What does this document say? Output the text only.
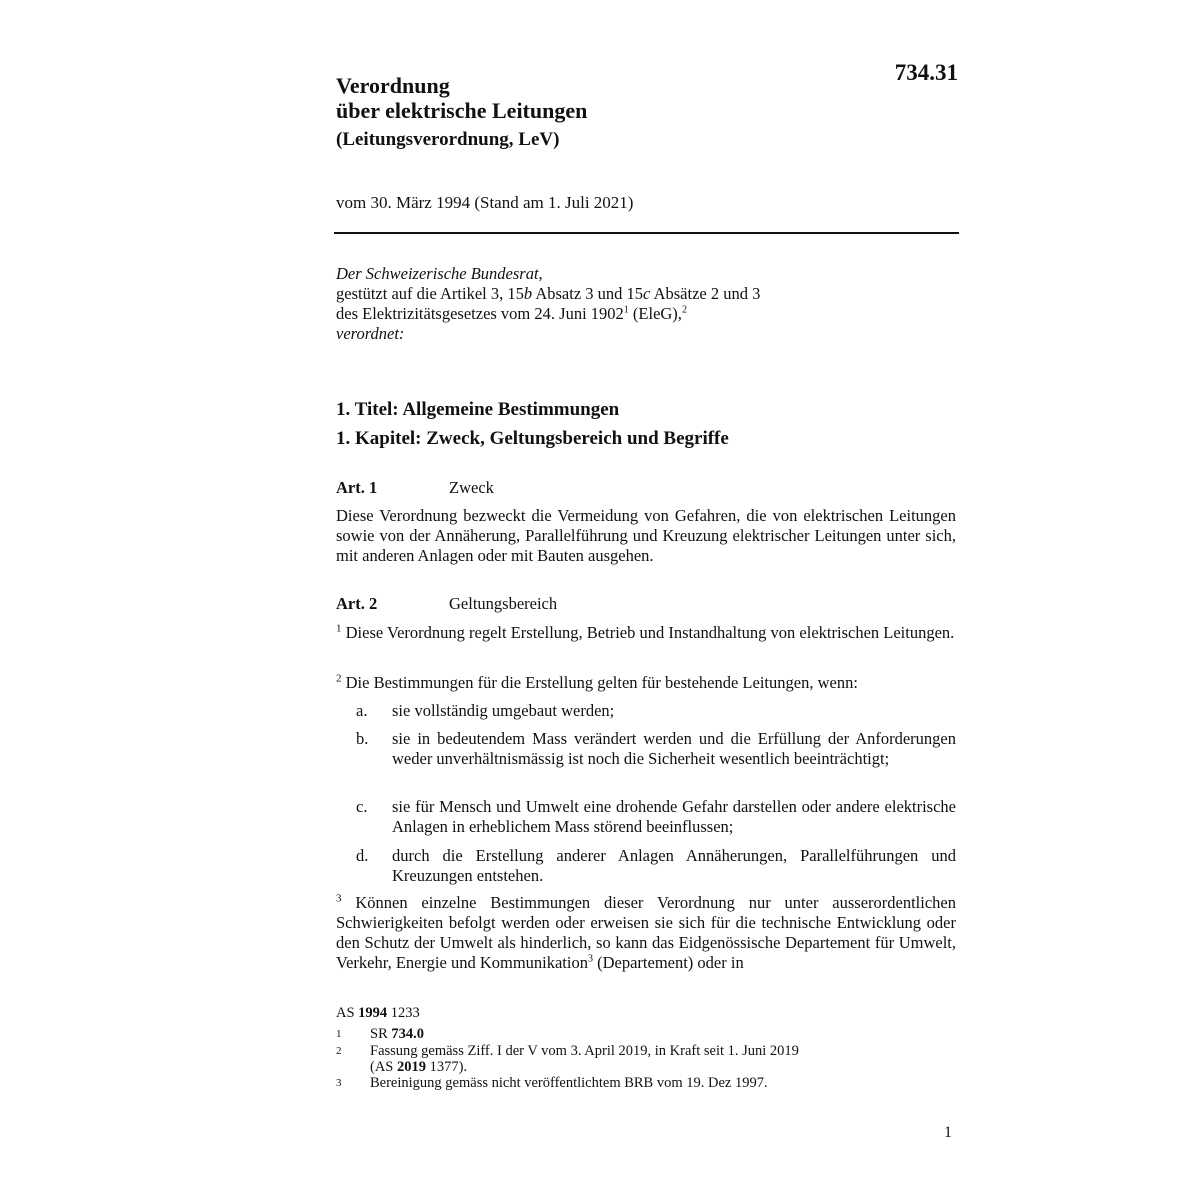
734.31
Verordnung
über elektrische Leitungen
(Leitungsverordnung, LeV)
vom 30. März 1994 (Stand am 1. Juli 2021)
Der Schweizerische Bundesrat,
gestützt auf die Artikel 3, 15b Absatz 3 und 15c Absätze 2 und 3
des Elektrizitätsgesetzes vom 24. Juni 1902$^1$ (EleG),$^2$
verordnet:
1. Titel: Allgemeine Bestimmungen
1. Kapitel: Zweck, Geltungsbereich und Begriffe
Art. 1	Zweck
Diese Verordnung bezweckt die Vermeidung von Gefahren, die von elektrischen Leitungen sowie von der Annäherung, Parallelführung und Kreuzung elektrischer Leitungen unter sich, mit anderen Anlagen oder mit Bauten ausgehen.
Art. 2	Geltungsbereich
$^1$ Diese Verordnung regelt Erstellung, Betrieb und Instandhaltung von elektrischen Leitungen.
$^2$ Die Bestimmungen für die Erstellung gelten für bestehende Leitungen, wenn:
a. sie vollständig umgebaut werden;
b. sie in bedeutendem Mass verändert werden und die Erfüllung der Anforderungen weder unverhältnismässig ist noch die Sicherheit wesentlich beeinträchtigt;
c. sie für Mensch und Umwelt eine drohende Gefahr darstellen oder andere elektrische Anlagen in erheblichem Mass störend beeinflussen;
d. durch die Erstellung anderer Anlagen Annäherungen, Parallelführungen und Kreuzungen entstehen.
$^3$ Können einzelne Bestimmungen dieser Verordnung nur unter ausserordentlichen Schwierigkeiten befolgt werden oder erweisen sie sich für die technische Entwicklung oder den Schutz der Umwelt als hinderlich, so kann das Eidgenössische Departement für Umwelt, Verkehr, Energie und Kommunikation$^3$ (Departement) oder in
AS 1994 1233
1 SR 734.0
2 Fassung gemäss Ziff. I der V vom 3. April 2019, in Kraft seit 1. Juni 2019
(AS 2019 1377).
3 Bereinigung gemäss nicht veröffentlichtem BRB vom 19. Dez 1997.
1
